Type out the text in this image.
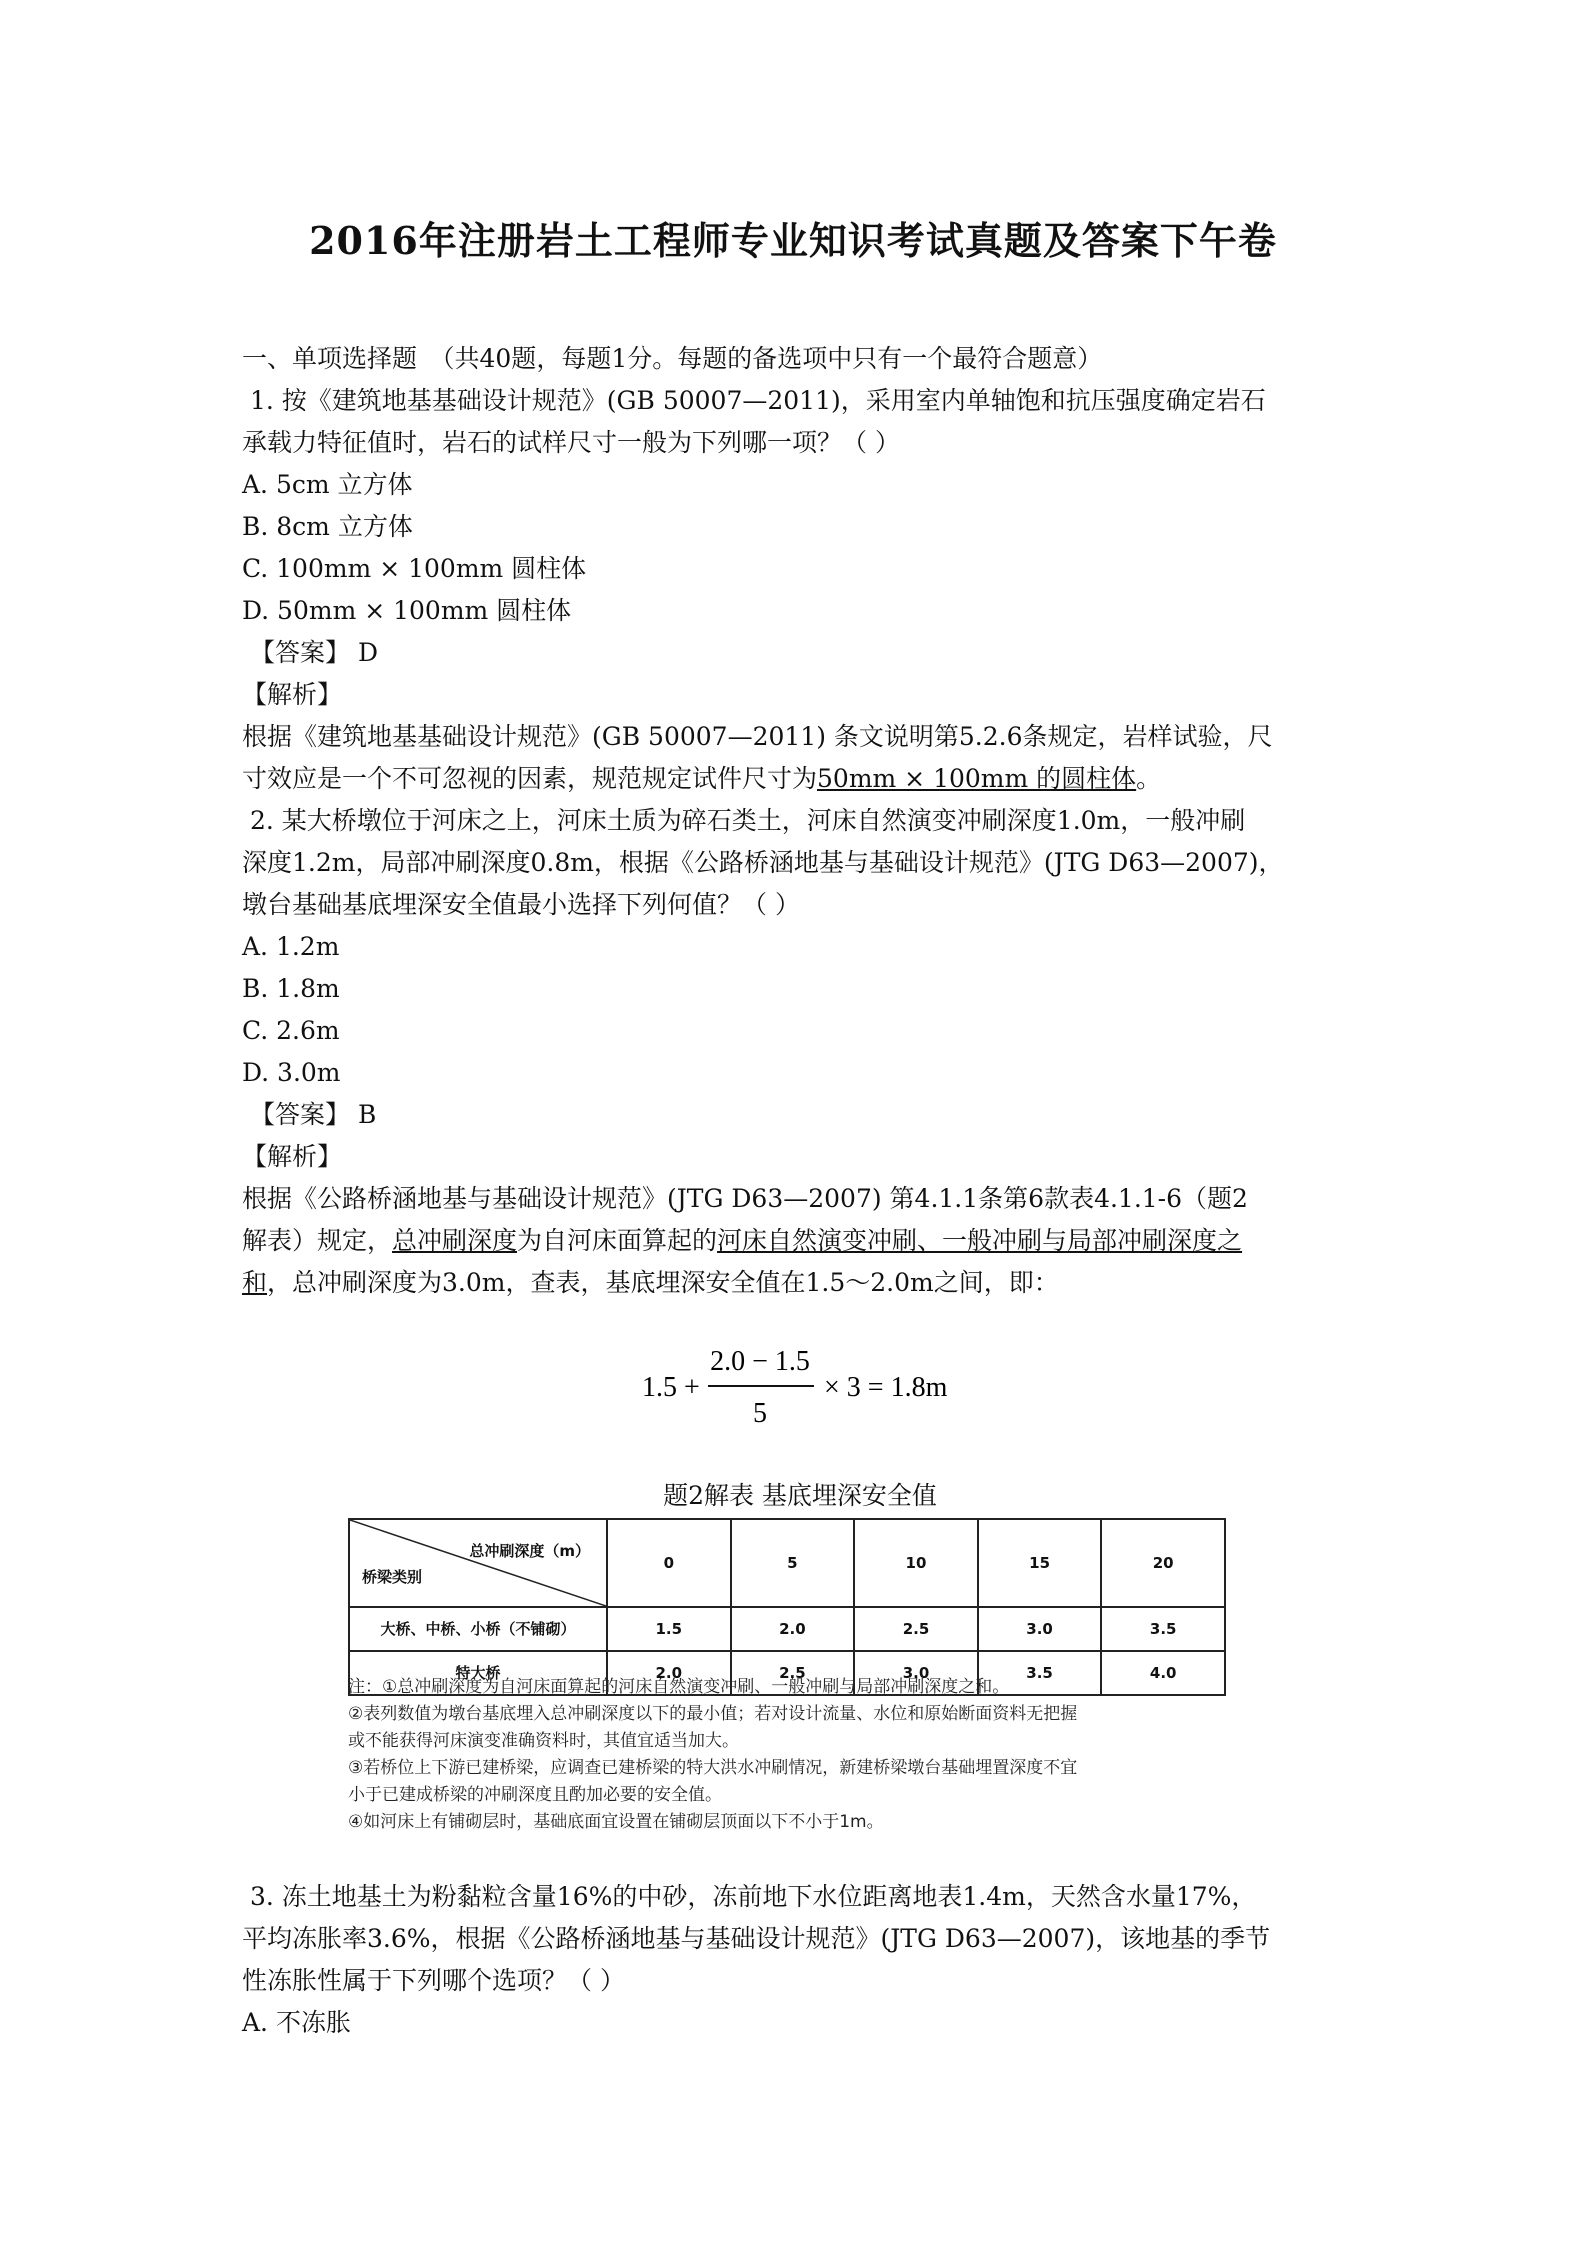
2016年注册岩土工程师专业知识考试真题及答案下午卷

一、单项选择题　（共40题，每题1分。每题的备选项中只有一个最符合题意）

1. 按《建筑地基基础设计规范》(GB 50007—2011)，采用室内单轴饱和抗压强度确定岩石

承载力特征值时，岩石的试样尺寸一般为下列哪一项？（ ）

A. 5cm 立方体

B. 8cm 立方体

C. 100mm × 100mm 圆柱体

D. 50mm × 100mm 圆柱体

【答案】 D

【解析】

根据《建筑地基基础设计规范》(GB 50007—2011) 条文说明第5.2.6条规定，岩样试验，尺

寸效应是一个不可忽视的因素，规范规定试件尺寸为50mm × 100mm 的圆柱体。

2. 某大桥墩位于河床之上，河床土质为碎石类土，河床自然演变冲刷深度1.0m，一般冲刷

深度1.2m，局部冲刷深度0.8m，根据《公路桥涵地基与基础设计规范》(JTG D63—2007)，

墩台基础基底埋深安全值最小选择下列何值？（ ）

A. 1.2m

B. 1.8m

C. 2.6m

D. 3.0m

【答案】 B

【解析】

根据《公路桥涵地基与基础设计规范》(JTG D63—2007) 第4.1.1条第6款表4.1.1-6（题2

解表）规定，总冲刷深度为自河床面算起的河床自然演变冲刷、一般冲刷与局部冲刷深度之

和，总冲刷深度为3.0m，查表，基底埋深安全值在1.5～2.0m之间，即：

1.5 +
2.0 − 1.5
5
× 3 = 1.8m
题2解表 基底埋深安全值
总冲刷深度（m）
桥梁类别	0	5	10	15	20
大桥、中桥、小桥（不铺砌）	1.5	2.0	2.5	3.0	3.5
特大桥	2.0	2.5	3.0	3.5	4.0

注：①总冲刷深度为自河床面算起的河床自然演变冲刷、一般冲刷与局部冲刷深度之和。

②表列数值为墩台基底埋入总冲刷深度以下的最小值；若对设计流量、水位和原始断面资料无把握

或不能获得河床演变准确资料时，其值宜适当加大。

③若桥位上下游已建桥梁，应调查已建桥梁的特大洪水冲刷情况，新建桥梁墩台基础埋置深度不宜

小于已建成桥梁的冲刷深度且酌加必要的安全值。

④如河床上有铺砌层时，基础底面宜设置在铺砌层顶面以下不小于1m。

3. 冻土地基土为粉黏粒含量16%的中砂，冻前地下水位距离地表1.4m，天然含水量17%，

平均冻胀率3.6%，根据《公路桥涵地基与基础设计规范》(JTG D63—2007)，该地基的季节

性冻胀性属于下列哪个选项？（ ）

A. 不冻胀
